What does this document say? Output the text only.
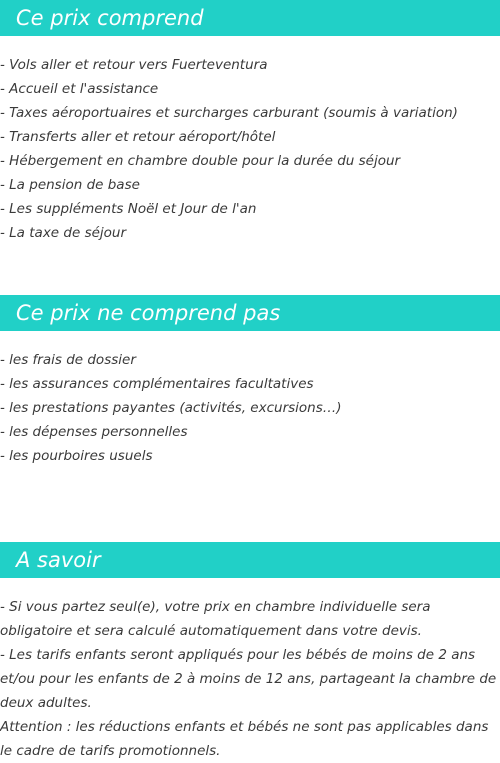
Ce prix comprend
- Vols aller et retour vers Fuerteventura
- Accueil et l'assistance
- Taxes aéroportuaires et surcharges carburant (soumis à variation)
- Transferts aller et retour aéroport/hôtel
- Hébergement en chambre double pour la durée du séjour
- La pension de base
- Les suppléments Noël et Jour de l'an
- La taxe de séjour
Ce prix ne comprend pas
- les frais de dossier
- les assurances complémentaires facultatives
- les prestations payantes (activités, excursions…)
- les dépenses personnelles
- les pourboires usuels
A savoir

- Si vous partez seul(e), votre prix en chambre individuelle sera obligatoire et sera calculé automatiquement dans votre devis.

- Les tarifs enfants seront appliqués pour les bébés de moins de 2 ans et/ou pour les enfants de 2 à moins de 12 ans, partageant la chambre de deux adultes.

Attention : les réductions enfants et bébés ne sont pas applicables dans le cadre de tarifs promotionnels.
